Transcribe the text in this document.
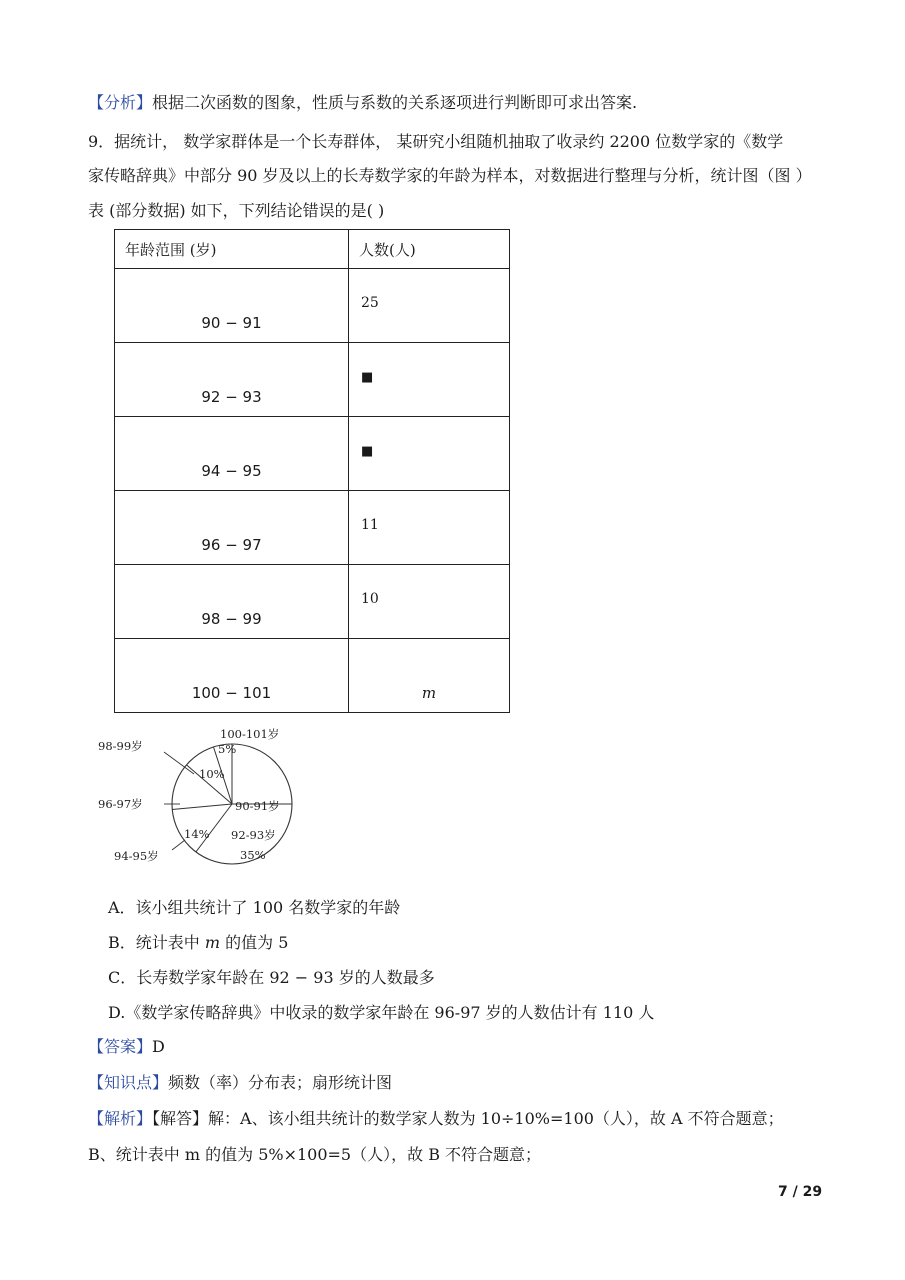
【分析】根据二次函数的图象，性质与系数的关系逐项进行判断即可求出答案.
9．据统计， 数学家群体是一个长寿群体， 某研究小组随机抽取了收录约 2200 位数学家的《数学
家传略辞典》中部分 90 岁及以上的长寿数学家的年龄为样本，对数据进行整理与分析，统计图（图 ）
表 (部分数据) 如下，下列结论错误的是( )
年龄范围 (岁)	人数(人)

90 − 91	25

92 − 93	■

94 − 95	■

96 − 97	11

98 − 99	10

100 − 101	m
100-101岁
5%
98-99岁
10%
96-97岁	90-91岁
92-93岁
35%
14%
94-95岁
A．该小组共统计了 100 名数学家的年龄
B．统计表中 m 的值为 5
C．长寿数学家年龄在 92 − 93 岁的人数最多
D.《数学家传略辞典》中收录的数学家年龄在 96-97 岁的人数估计有 110 人
【答案】D
【知识点】频数（率）分布表；扇形统计图
【解析】【解答】解：A、该小组共统计的数学家人数为 10÷10%=100（人），故 A 不符合题意；
B、统计表中 m 的值为 5%×100=5（人），故 B 不符合题意；
7 / 29
